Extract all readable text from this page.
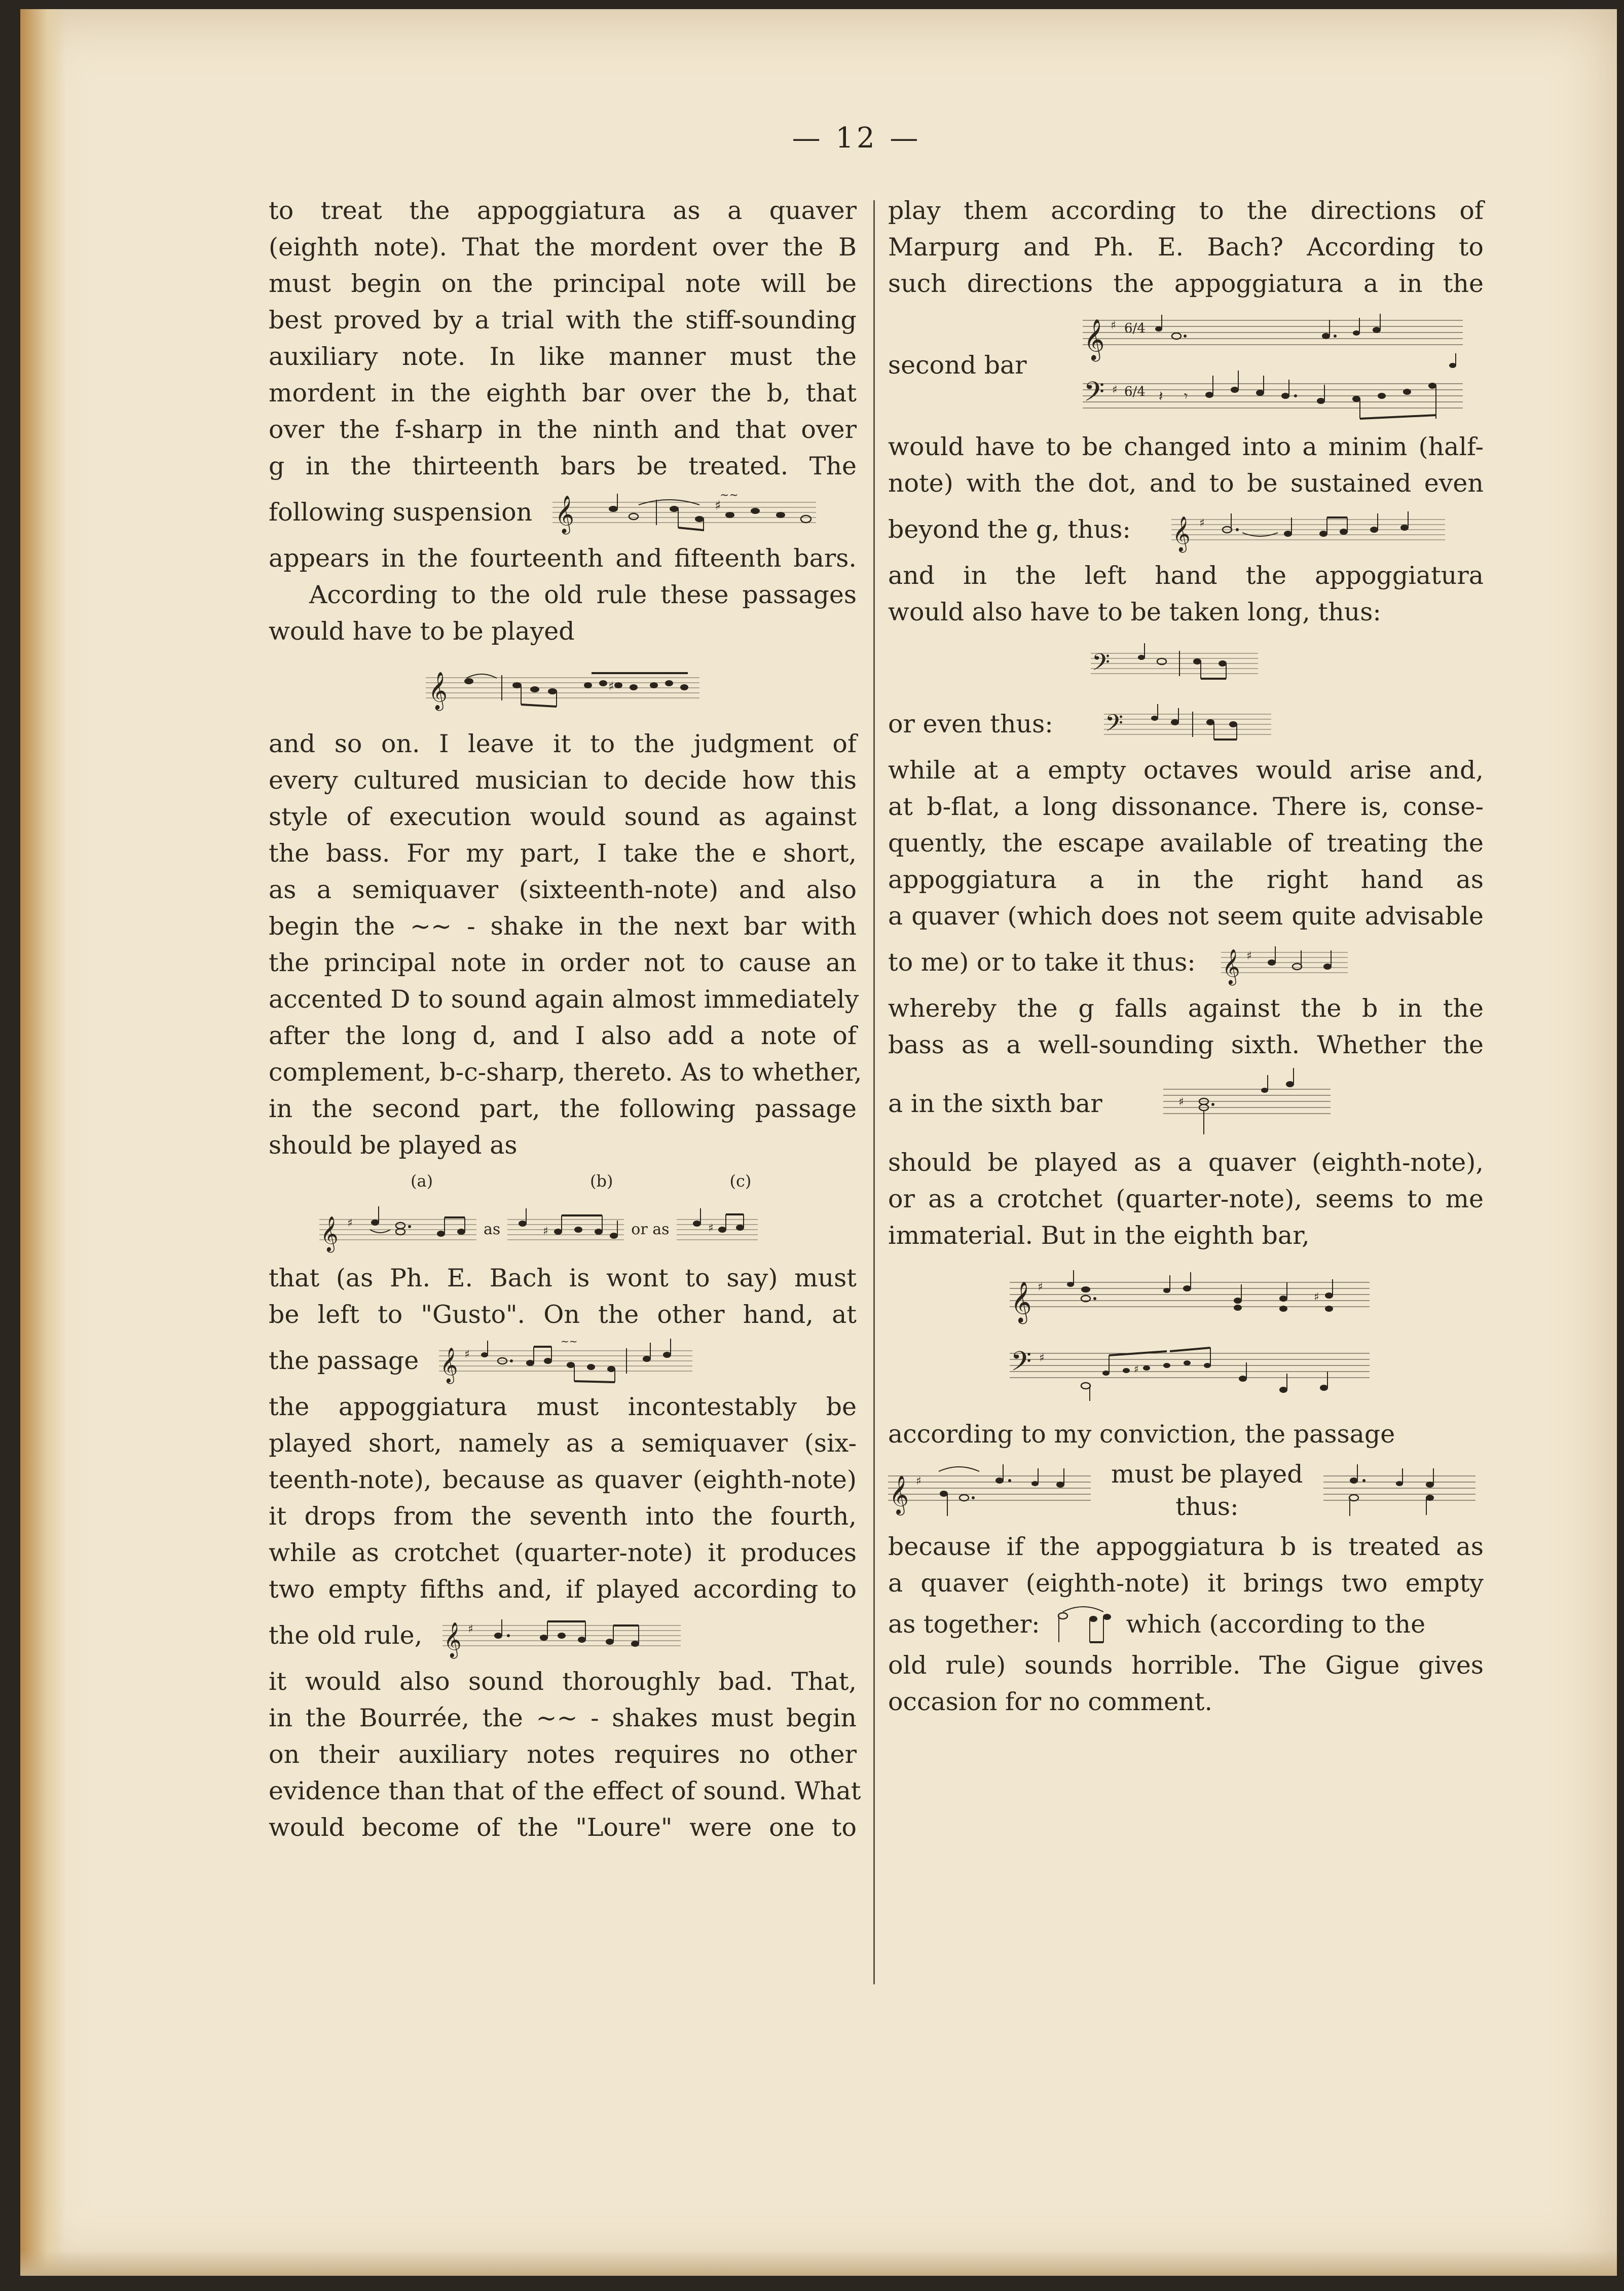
— 12 —
to treat the appoggiatura as a quaver
(eighth note). That the mordent over the B
must begin on the principal note will be
best proved by a trial with the stiff-sounding
auxiliary note. In like manner must the
mordent in the eighth bar over the b, that
over the f-sharp in the ninth and that over
g in the thirteenth bars be treated. The
following suspension 𝄞	♯
~~
appears in the fourteenth and fifteenth bars.
According to the old rule these passages
would have to be played
𝄞	♯
and so on. I leave it to the judgment of
every cultured musician to decide how this
style of execution would sound as against
the bass. For my part, I take the e short,
as a semiquaver (sixteenth-note) and also
begin the ~~ - shake in the next bar with
the principal note in order not to cause an
accented D to sound again almost immediately
after the long d, and I also add a note of
complement, b-c-sharp, thereto. As to whether,
in the second part, the following passage
should be played as
(a)	(b)	(c)
𝄞 ♯	as	♯	or as	♯
that (as Ph. E. Bach is wont to say) must
be left to "Gusto". On the other hand, at
the passage 𝄞 ♯
~~
the appoggiatura must incontestably be
played short, namely as a semiquaver (six-
teenth-note), because as quaver (eighth-note)
it drops from the seventh into the fourth,
while as crotchet (quarter-note) it produces
two empty fifths and, if played according to
the old rule, 𝄞 ♯
it would also sound thoroughly bad. That,
in the Bourrée, the ~~ - shakes must begin
on their auxiliary notes requires no other
evidence than that of the effect of sound. What
would become of the "Loure" were one to
play them according to the directions of
Marpurg and Ph. E. Bach? According to
such directions the appoggiatura a in the
second bar
𝄞
𝄢
♯
♯
6/4
6/4 𝄽 𝄾
would have to be changed into a minim (half-
note) with the dot, and to be sustained even
beyond the g, thus: 𝄞 ♯
and in the left hand the appoggiatura
would also have to be taken long, thus:
𝄢
or even thus: 𝄢
while at a empty octaves would arise and,
at b-flat, a long dissonance. There is, conse-
quently, the escape available of treating the
appoggiatura a in the right hand as
a quaver (which does not seem quite advisable
to me) or to take it thus: 𝄞 ♯
whereby the g falls against the b in the
bass as a well-sounding sixth. Whether the
a in the sixth bar	♯
should be played as a quaver (eighth-note),
or as a crotchet (quarter-note), seems to me
immaterial. But in the eighth bar,
𝄞
𝄢
♯
♯
♯
♯
according to my conviction, the passage
𝄞 ♯	must be played
thus:
because if the appoggiatura b is treated as
a quaver (eighth-note) it brings two empty
as together:	which (according to the
old rule) sounds horrible. The Gigue gives
occasion for no comment.
